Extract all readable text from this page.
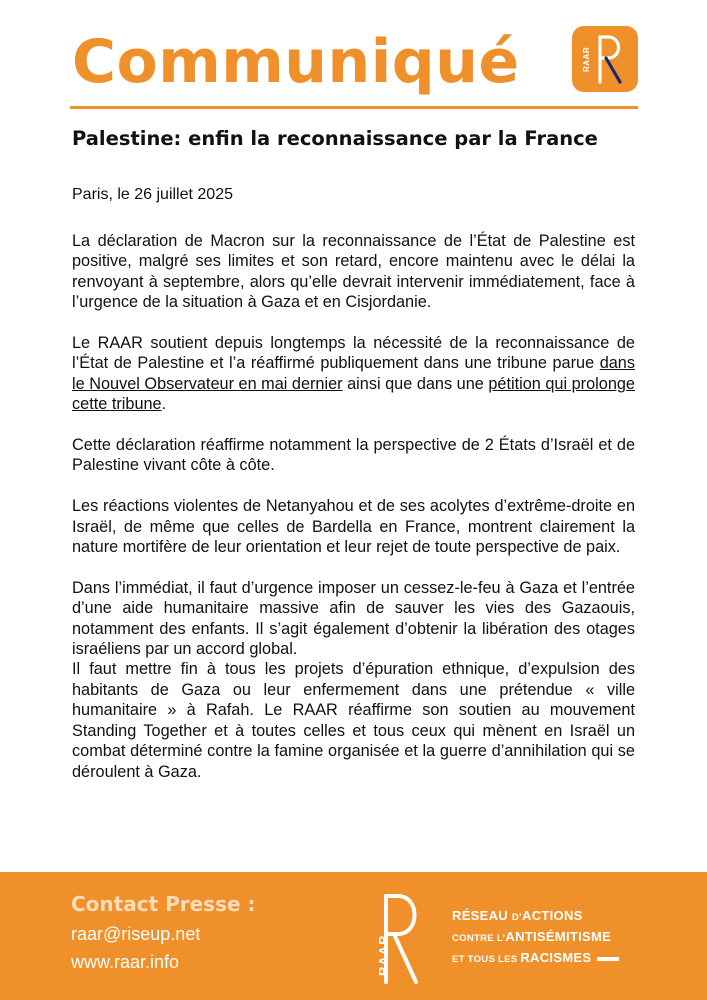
Communiqué	RAAR
Palestine: enfin la reconnaissance par la France
Paris, le 26 juillet 2025

La déclaration de Macron sur la reconnaissance de l’État de Palestine est positive, malgré ses limites et son retard, encore maintenu avec le délai la renvoyant à septembre, alors qu’elle devrait intervenir immédiatement, face à l’urgence de la situation à Gaza et en Cisjordanie.

Le RAAR soutient depuis longtemps la nécessité de la reconnaissance de l’État de Palestine et l’a réaffirmé publiquement dans une tribune parue dans le Nouvel Observateur en mai dernier ainsi que dans une pétition qui prolonge cette tribune.

Cette déclaration réaffirme notamment la perspective de 2 États d’Israël et de Palestine vivant côte à côte.

Les réactions violentes de Netanyahou et de ses acolytes d’extrême-droite en Israël, de même que celles de Bardella en France, montrent clairement la nature mortifère de leur orientation et leur rejet de toute perspective de paix.

Dans l’immédiat, il faut d’urgence imposer un cessez-le-feu à Gaza et l’entrée d’une aide humanitaire massive afin de sauver les vies des Gazaouis, notamment des enfants. Il s’agit également d’obtenir la libération des otages israéliens par un accord global.

Il faut mettre fin à tous les projets d’épuration ethnique, d’expulsion des habitants de Gaza ou leur enfermement dans une prétendue « ville humanitaire » à Rafah. Le RAAR réaffirme son soutien au mouvement Standing Together et à toutes celles et tous ceux qui mènent en Israël un combat déterminé contre la famine organisée et la guerre d’annihilation qui se déroulent à Gaza.

Contact Presse :
raar@riseup.net
www.raar.info	RAAR
RÉSEAU D’ACTIONS
CONTRE L’ANTISÉMITISME
ET TOUS LES RACISMES
